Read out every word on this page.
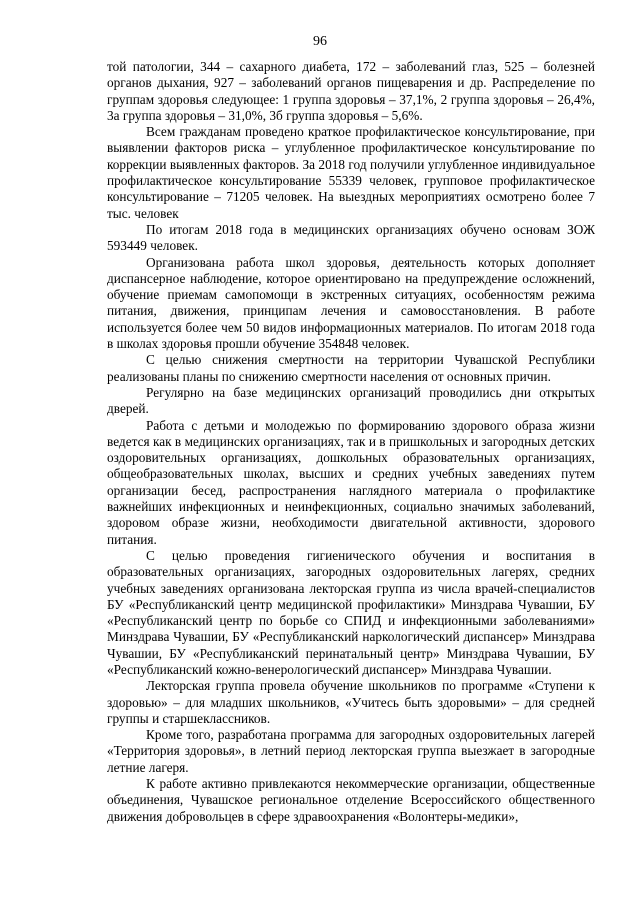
96

той патологии, 344 – сахарного диабета, 172 – заболеваний глаз, 525 – болезней органов дыхания, 927 – заболеваний органов пищеварения и др. Распределение по группам здоровья следующее: 1 группа здоровья – 37,1%, 2 группа здоровья – 26,4%, 3а группа здоровья – 31,0%, 3б группа здоровья – 5,6%.

Всем гражданам проведено краткое профилактическое консультирование, при выявлении факторов риска – углубленное профилактическое консультирование по коррекции выявленных факторов. За 2018 год получили углубленное индивидуальное профилактическое консультирование 55339 человек, групповое профилактическое консультирование – 71205 человек. На выездных мероприятиях осмотрено более 7 тыс. человек

По итогам 2018 года в медицинских организациях обучено основам ЗОЖ 593449 человек.

Организована работа школ здоровья, деятельность которых дополняет диспансерное наблюдение, которое ориентировано на предупреждение осложнений, обучение приемам самопомощи в экстренных ситуациях, особенностям режима питания, движения, принципам лечения и самовосстановления. В работе используется более чем 50 видов информационных материалов. По итогам 2018 года в школах здоровья прошли обучение 354848 человек.

С целью снижения смертности на территории Чувашской Республики реализованы планы по снижению смертности населения от основных причин.

Регулярно на базе медицинских организаций проводились дни открытых дверей.

Работа с детьми и молодежью по формированию здорового образа жизни ведется как в медицинских организациях, так и в пришкольных и загородных детских оздоровительных организациях, дошкольных образовательных организациях, общеобразовательных школах, высших и средних учебных заведениях путем организации бесед, распространения наглядного материала о профилактике важнейших инфекционных и неинфекционных, социально значимых заболеваний, здоровом образе жизни, необходимости двигательной активности, здорового питания.

С целью проведения гигиенического обучения и воспитания в образовательных организациях, загородных оздоровительных лагерях, средних учебных заведениях организована лекторская группа из числа врачей-специалистов БУ «Республиканский центр медицинской профилактики» Минздрава Чувашии, БУ «Республиканский центр по борьбе со СПИД и инфекционными заболеваниями» Минздрава Чувашии, БУ «Республиканский наркологический диспансер» Минздрава Чувашии, БУ «Республиканский перинатальный центр» Минздрава Чувашии, БУ «Республиканский кожно-венерологический диспансер» Минздрава Чувашии.

Лекторская группа провела обучение школьников по программе «Ступени к здоровью» – для младших школьников, «Учитесь быть здоровыми» – для средней группы и старшеклассников.

Кроме того, разработана программа для загородных оздоровительных лагерей «Территория здоровья», в летний период лекторская группа выезжает в загородные летние лагеря.

К работе активно привлекаются некоммерческие организации, общественные объединения, Чувашское региональное отделение Всероссийского общественного движения добровольцев в сфере здравоохранения «Волонтеры-медики»,
